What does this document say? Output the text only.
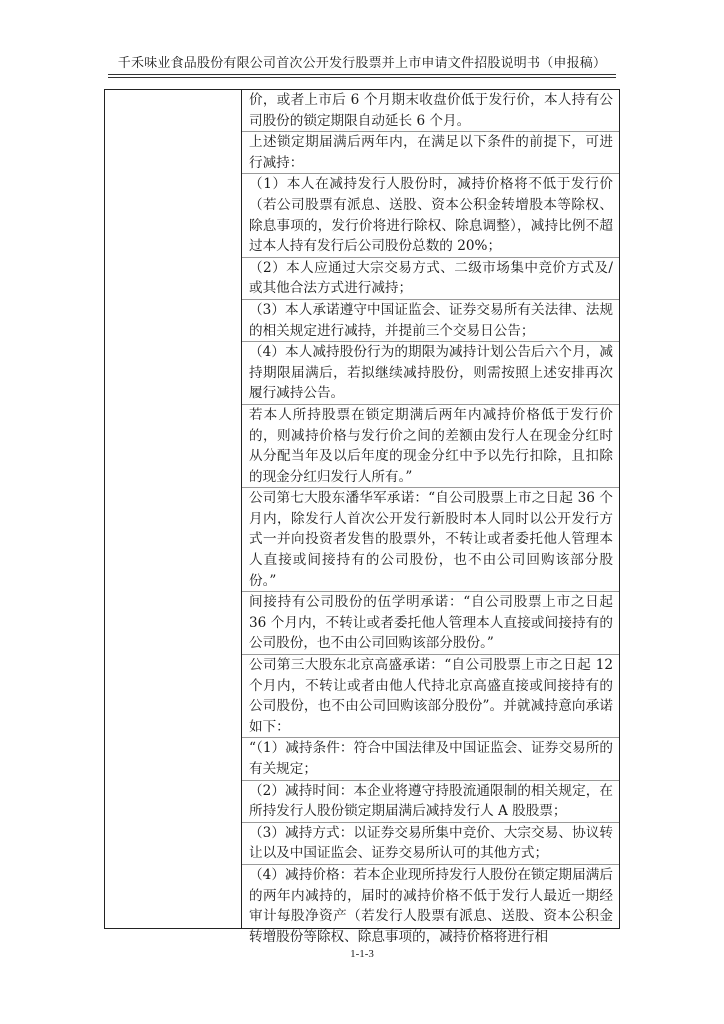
千禾味业食品股份有限公司首次公开发行股票并上市申请文件招股说明书（申报稿）
价，或者上市后 6 个月期末收盘价低于发行价，本人持有公司股份的锁定期限自动延长 6 个月。
上述锁定期届满后两年内，在满足以下条件的前提下，可进行减持：
（1）本人在减持发行人股份时，减持价格将不低于发行价（若公司股票有派息、送股、资本公积金转增股本等除权、除息事项的，发行价将进行除权、除息调整），减持比例不超过本人持有发行后公司股份总数的 20%；
（2）本人应通过大宗交易方式、二级市场集中竞价方式及/或其他合法方式进行减持；
（3）本人承诺遵守中国证监会、证券交易所有关法律、法规的相关规定进行减持，并提前三个交易日公告；
（4）本人减持股份行为的期限为减持计划公告后六个月，减持期限届满后，若拟继续减持股份，则需按照上述安排再次履行减持公告。
若本人所持股票在锁定期满后两年内减持价格低于发行价的，则减持价格与发行价之间的差额由发行人在现金分红时从分配当年及以后年度的现金分红中予以先行扣除，且扣除的现金分红归发行人所有。”
公司第七大股东潘华军承诺：“自公司股票上市之日起 36 个月内，除发行人首次公开发行新股时本人同时以公开发行方式一并向投资者发售的股票外，不转让或者委托他人管理本人直接或间接持有的公司股份，也不由公司回购该部分股份。”
间接持有公司股份的伍学明承诺：“自公司股票上市之日起 36 个月内，不转让或者委托他人管理本人直接或间接持有的公司股份，也不由公司回购该部分股份。”
公司第三大股东北京高盛承诺：“自公司股票上市之日起 12 个月内，不转让或者由他人代持北京高盛直接或间接持有的公司股份，也不由公司回购该部分股份”。并就减持意向承诺如下：
“（1）减持条件：符合中国法律及中国证监会、证券交易所的有关规定；
（2）减持时间：本企业将遵守持股流通限制的相关规定，在所持发行人股份锁定期届满后减持发行人 A 股股票；
（3）减持方式：以证券交易所集中竞价、大宗交易、协议转让以及中国证监会、证券交易所认可的其他方式；
（4）减持价格：若本企业现所持发行人股份在锁定期届满后的两年内减持的，届时的减持价格不低于发行人最近一期经审计每股净资产（若发行人股票有派息、送股、资本公积金转增股份等除权、除息事项的，减持价格将进行相
1-1-3
